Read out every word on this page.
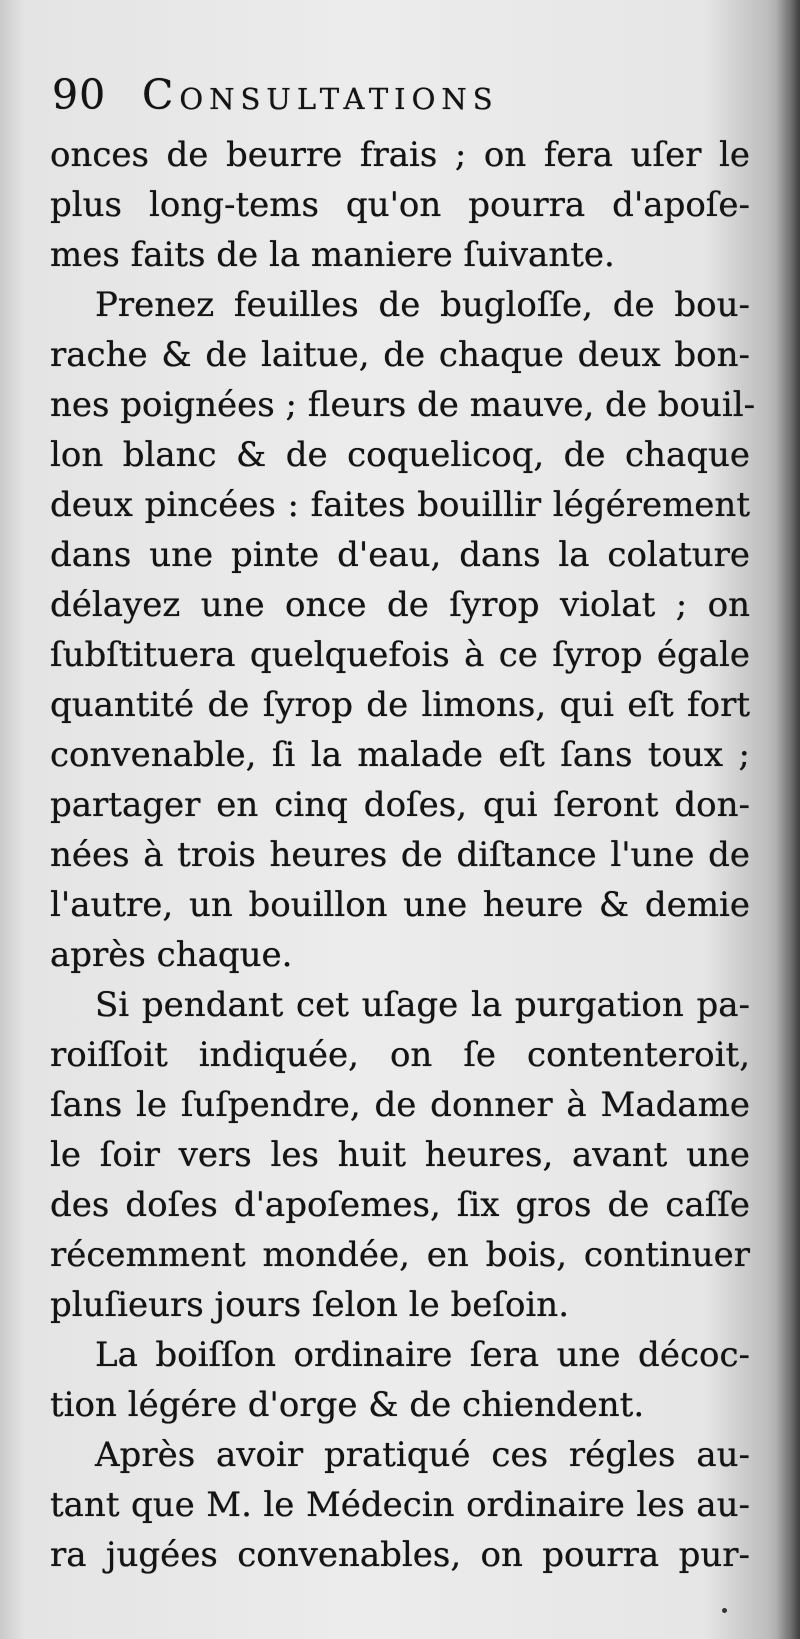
90 Consultations
onces de beurre frais ; on fera uſer le
plus long-tems qu'on pourra d'apoſe-
mes faits de la maniere ſuivante.
Prenez feuilles de bugloſſe, de bou-
rache & de laitue, de chaque deux bon-
nes poignées ; fleurs de mauve, de bouil-
lon blanc & de coquelicoq, de chaque
deux pincées : faites bouillir légérement
dans une pinte d'eau, dans la colature
délayez une once de ſyrop violat ; on
ſubſtituera quelquefois à ce ſyrop égale
quantité de ſyrop de limons, qui eſt fort
convenable, ſi la malade eſt ſans toux ;
partager en cinq doſes, qui ſeront don-
nées à trois heures de diſtance l'une de
l'autre, un bouillon une heure & demie
après chaque.
Si pendant cet uſage la purgation pa-
roiſſoit indiquée, on ſe contenteroit,
ſans le ſuſpendre, de donner à Madame
le ſoir vers les huit heures, avant une
des doſes d'apoſemes, ſix gros de caſſe
récemment mondée, en bois, continuer
pluſieurs jours ſelon le beſoin.
La boiſſon ordinaire ſera une décoc-
tion légére d'orge & de chiendent.
Après avoir pratiqué ces régles au-
tant que M. le Médecin ordinaire les au-
ra jugées convenables, on pourra pur-
